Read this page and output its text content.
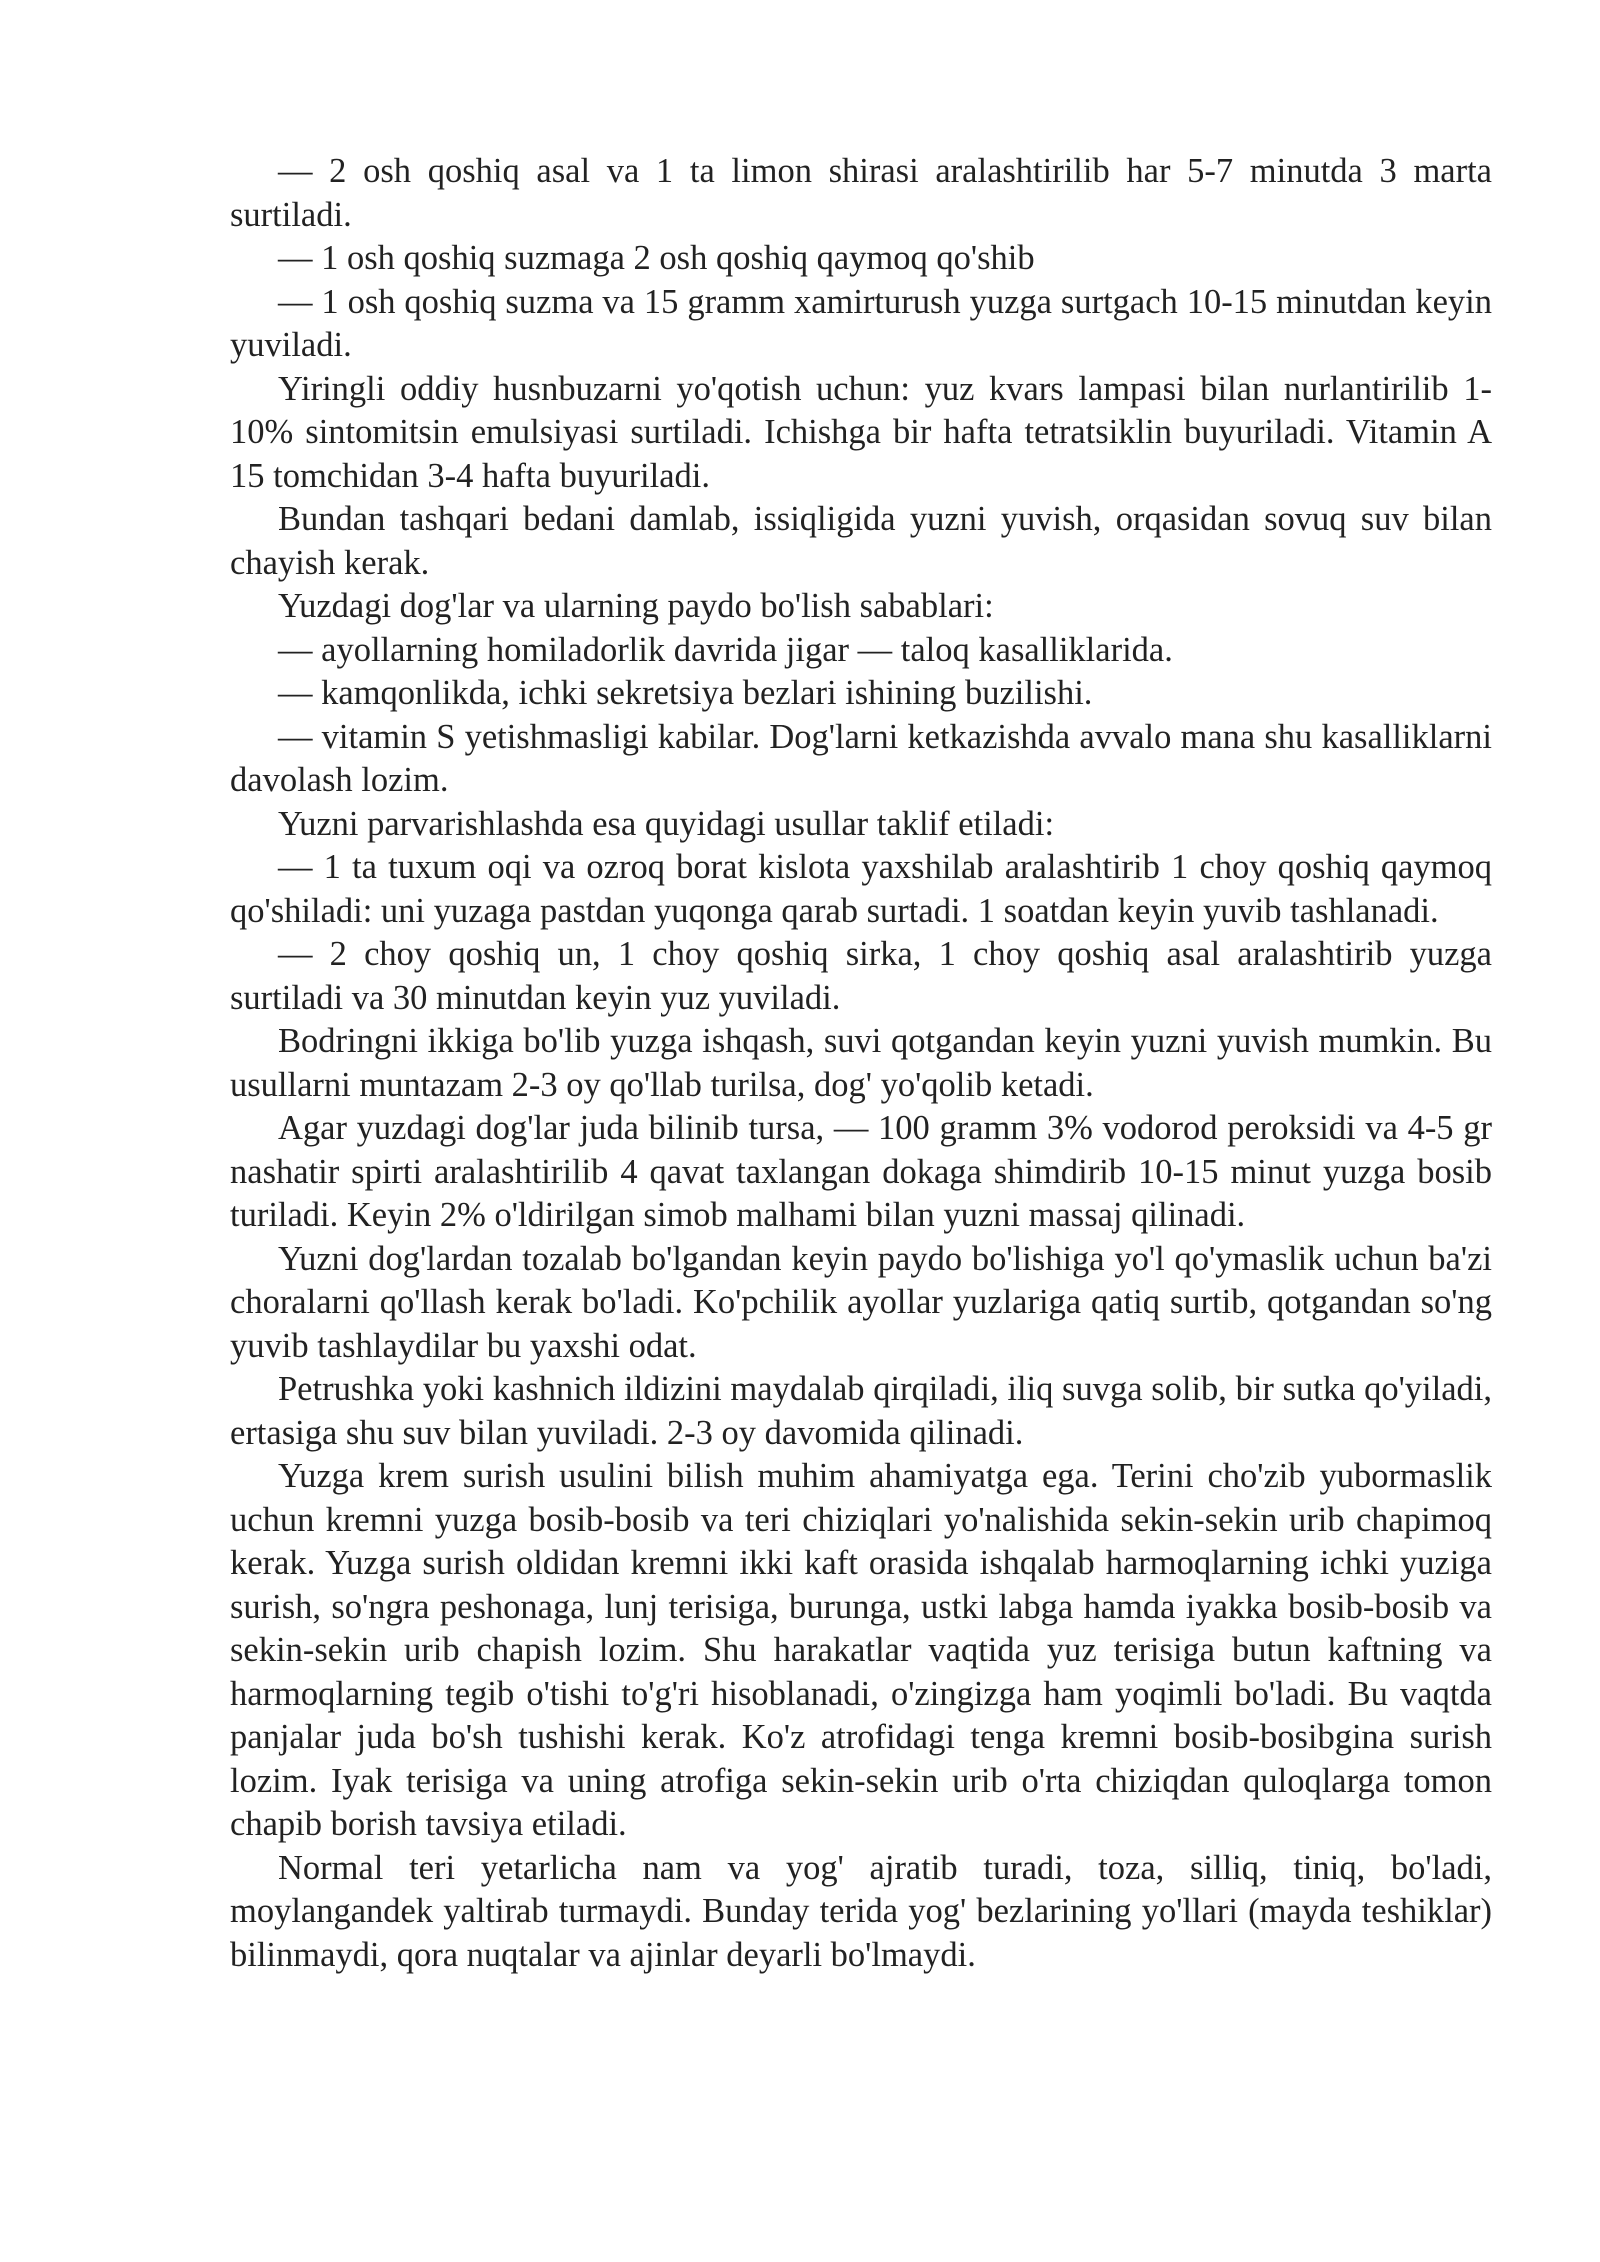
— 2 osh qoshiq asal va 1 ta limon shirasi aralashtirilib har 5-7 minutda 3 marta surtiladi.

— 1 osh qoshiq suzmaga 2 osh qoshiq qaymoq qo'shib

— 1 osh qoshiq suzma va 15 gramm xamirturush yuzga surtgach 10-15 minutdan keyin yuviladi.

Yiringli oddiy husnbuzarni yo'qotish uchun: yuz kvars lampasi bilan nurlantirilib 1-10% sintomitsin emulsiyasi surtiladi. Ichishga bir hafta tetratsiklin buyuriladi. Vitamin A 15 tomchidan 3-4 hafta buyuriladi.

Bundan tashqari bedani damlab, issiqligida yuzni yuvish, orqasidan sovuq suv bilan chayish kerak.

Yuzdagi dog'lar va ularning paydo bo'lish sabablari:

— ayollarning homiladorlik davrida jigar — taloq kasalliklarida.

— kamqonlikda, ichki sekretsiya bezlari ishining buzilishi.

— vitamin S yetishmasligi kabilar. Dog'larni ketkazishda avvalo mana shu kasalliklarni davolash lozim.

Yuzni parvarishlashda esa quyidagi usullar taklif etiladi:

— 1 ta tuxum oqi va ozroq borat kislota yaxshilab aralashtirib 1 choy qoshiq qaymoq qo'shiladi: uni yuzaga pastdan yuqonga qarab surtadi. 1 soatdan keyin yuvib tashlanadi.

— 2 choy qoshiq un, 1 choy qoshiq sirka, 1 choy qoshiq asal aralashtirib yuzga surtiladi va 30 minutdan keyin yuz yuviladi.

Bodringni ikkiga bo'lib yuzga ishqash, suvi qotgandan keyin yuzni yuvish mumkin. Bu usullarni muntazam 2-3 oy qo'llab turilsa, dog' yo'qolib ketadi.

Agar yuzdagi dog'lar juda bilinib tursa, — 100 gramm 3% vodorod peroksidi va 4-5 gr nashatir spirti aralashtirilib 4 qavat taxlangan dokaga shimdirib 10-15 minut yuzga bosib turiladi. Keyin 2% o'ldirilgan simob malhami bilan yuzni massaj qilinadi.

Yuzni dog'lardan tozalab bo'lgandan keyin paydo bo'lishiga yo'l qo'ymaslik uchun ba'zi choralarni qo'llash kerak bo'ladi. Ko'pchilik ayollar yuzlariga qatiq surtib, qotgandan so'ng yuvib tashlaydilar bu yaxshi odat.

Petrushka yoki kashnich ildizini maydalab qirqiladi, iliq suvga solib, bir sutka qo'yiladi, ertasiga shu suv bilan yuviladi. 2-3 oy davomida qilinadi.

Yuzga krem surish usulini bilish muhim ahamiyatga ega. Terini cho'zib yubormaslik uchun kremni yuzga bosib-bosib va teri chiziqlari yo'nalishida sekin-sekin urib chapimoq kerak. Yuzga surish oldidan kremni ikki kaft orasida ishqalab harmoqlarning ichki yuziga surish, so'ngra peshonaga, lunj terisiga, burunga, ustki labga hamda iyakka bosib-bosib va sekin-sekin urib chapish lozim. Shu harakatlar vaqtida yuz terisiga butun kaftning va harmoqlarning tegib o'tishi to'g'ri hisoblanadi, o'zingizga ham yoqimli bo'ladi. Bu vaqtda panjalar juda bo'sh tushishi kerak. Ko'z atrofidagi tenga kremni bosib-bosibgina surish lozim. Iyak terisiga va uning atrofiga sekin-sekin urib o'rta chiziqdan quloqlarga tomon chapib borish tavsiya etiladi.

Normal teri yetarlicha nam va yog' ajratib turadi, toza, silliq, tiniq, bo'ladi, moylangandek yaltirab turmaydi. Bunday terida yog' bezlarining yo'llari (mayda teshiklar) bilinmaydi, qora nuqtalar va ajinlar deyarli bo'lmaydi.
